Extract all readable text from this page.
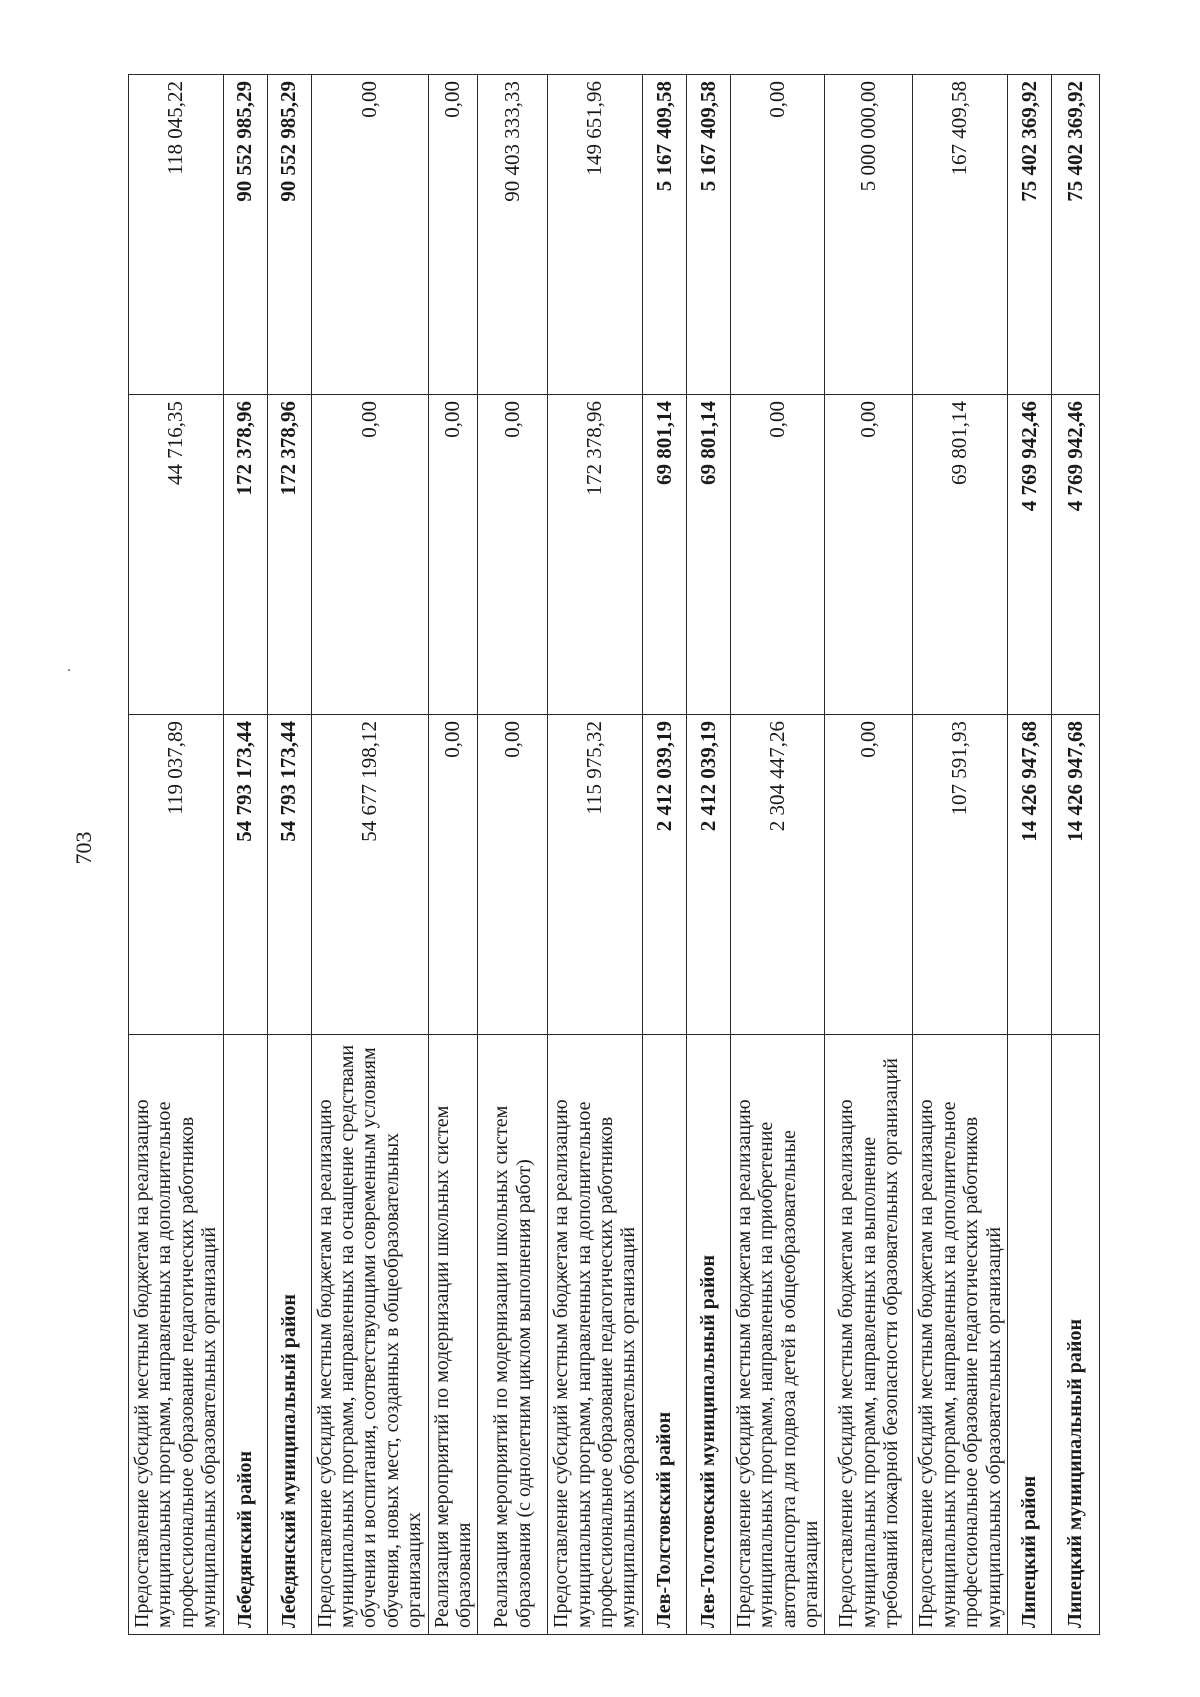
703
Предоставление субсидий местным бюджетам на реализацию муниципальных программ, направленных на дополнительное профессиональное образование педагогических работников муниципальных образовательных организаций	119 037,89	44 716,35	118 045,22
Лебедянский район	54 793 173,44	172 378,96	90 552 985,29
Лебедянский муниципальный район	54 793 173,44	172 378,96	90 552 985,29
Предоставление субсидий местным бюджетам на реализацию муниципальных программ, направленных на оснащение средствами обучения и воспитания, соответствующими современным условиям обучения, новых мест, созданных в общеобразовательных организациях	54 677 198,12	0,00	0,00
Реализация мероприятий по модернизации школьных систем образования	0,00	0,00	0,00
Реализация мероприятий по модернизации школьных систем образования (с однолетним циклом выполнения работ)	0,00	0,00	90 403 333,33
Предоставление субсидий местным бюджетам на реализацию муниципальных программ, направленных на дополнительное профессиональное образование педагогических работников муниципальных образовательных организаций	115 975,32	172 378,96	149 651,96
Лев-Толстовский район	2 412 039,19	69 801,14	5 167 409,58
Лев-Толстовский муниципальный район	2 412 039,19	69 801,14	5 167 409,58
Предоставление субсидий местным бюджетам на реализацию муниципальных программ, направленных на приобретение автотранспорта для подвоза детей в общеобразовательные организации	2 304 447,26	0,00	0,00
Предоставление субсидий местным бюджетам на реализацию муниципальных программ, направленных на выполнение требований пожарной безопасности образовательных организаций	0,00	0,00	5 000 000,00
Предоставление субсидий местным бюджетам на реализацию муниципальных программ, направленных на дополнительное профессиональное образование педагогических работников муниципальных образовательных организаций	107 591,93	69 801,14	167 409,58
Липецкий район	14 426 947,68	4 769 942,46	75 402 369,92
Липецкий муниципальный район	14 426 947,68	4 769 942,46	75 402 369,92
